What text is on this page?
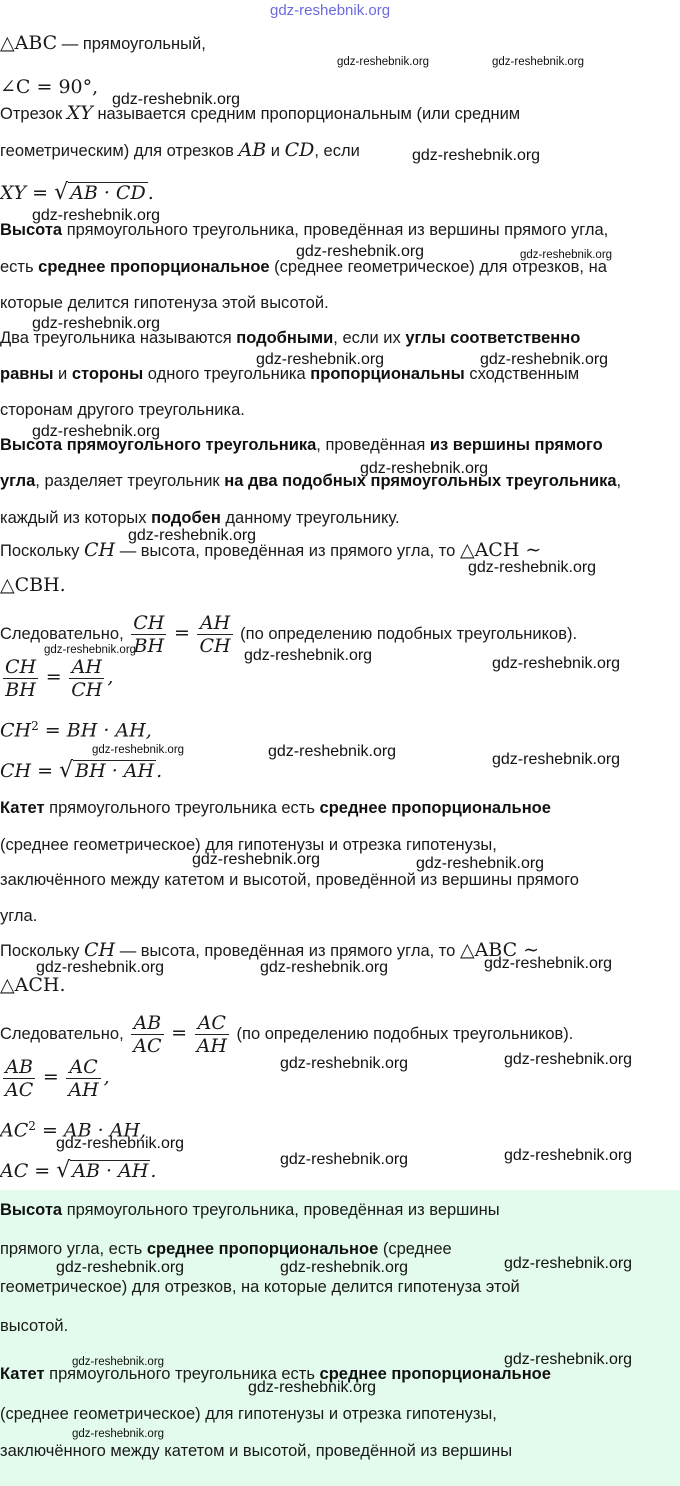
gdz-reshebnik.org
△ABC — прямоугольный,
∠C = 90°,
Отрезок XY называется средним пропорциональным (или средним
геометрическим) для отрезков AB и CD, если
XY = √ AB · CD .
Высота прямоугольного треугольника, проведённая из вершины прямого угла,
есть среднее пропорциональное (среднее геометрическое) для отрезков, на
которые делится гипотенуза этой высотой.
Два треугольника называются подобными, если их углы соответственно
равны и стороны одного треугольника пропорциональны сходственным
сторонам другого треугольника.
Высота прямоугольного треугольника, проведённая из вершины прямого
угла, разделяет треугольник на два подобных прямоугольных треугольника,
каждый из которых подобен данному треугольнику.
Поскольку CH — высота, проведённая из прямого угла, то △ACH ∼
△CBH.
Следовательно, $\frac{CH}{BH} = \frac{AH}{CH} (по$ определению подобных треугольников).
$\frac{CH}{BH} = \frac{AH}{CH}$ ,
$CH^2$ = BH · AH,
CH = √ BH · AH .
Катет прямоугольного треугольника есть среднее пропорциональное
(среднее геометрическое) для гипотенузы и отрезка гипотенузы,
заключённого между катетом и высотой, проведённой из вершины прямого
угла.
Поскольку CH — высота, проведённая из прямого угла, то △ABC ∼
△ACH.
Следовательно, $\frac{AB}{AC} = \frac{AC}{AH} (по$ определению подобных треугольников).
$\frac{AB}{AC} = \frac{AC}{AH}$ ,
$AC^2$ = AB · AH,
AC = √ AB · AH .
Высота прямоугольного треугольника, проведённая из вершины
прямого угла, есть среднее пропорциональное (среднее
геометрическое) для отрезков, на которые делится гипотенуза этой
высотой.
Катет прямоугольного треугольника есть среднее пропорциональное
(среднее геометрическое) для гипотенузы и отрезка гипотенузы,
заключённого между катетом и высотой, проведённой из вершины
gdz-reshebnik.org	gdz-reshebnik.org
gdz-reshebnik.org
gdz-reshebnik.org
gdz-reshebnik.org
gdz-reshebnik.org	gdz-reshebnik.org
gdz-reshebnik.org
gdz-reshebnik.org	gdz-reshebnik.org
gdz-reshebnik.org
gdz-reshebnik.org
gdz-reshebnik.org
gdz-reshebnik.org
gdz-reshebnik.org	gdz-reshebnik.org	gdz-reshebnik.org
gdz-reshebnik.org	gdz-reshebnik.org	gdz-reshebnik.org
gdz-reshebnik.org	gdz-reshebnik.org
gdz-reshebnik.org	gdz-reshebnik.org	gdz-reshebnik.org
gdz-reshebnik.org	gdz-reshebnik.org
gdz-reshebnik.org
gdz-reshebnik.org	gdz-reshebnik.org
gdz-reshebnik.org	gdz-reshebnik.org	gdz-reshebnik.org
gdz-reshebnik.org	gdz-reshebnik.org
gdz-reshebnik.org
gdz-reshebnik.org
